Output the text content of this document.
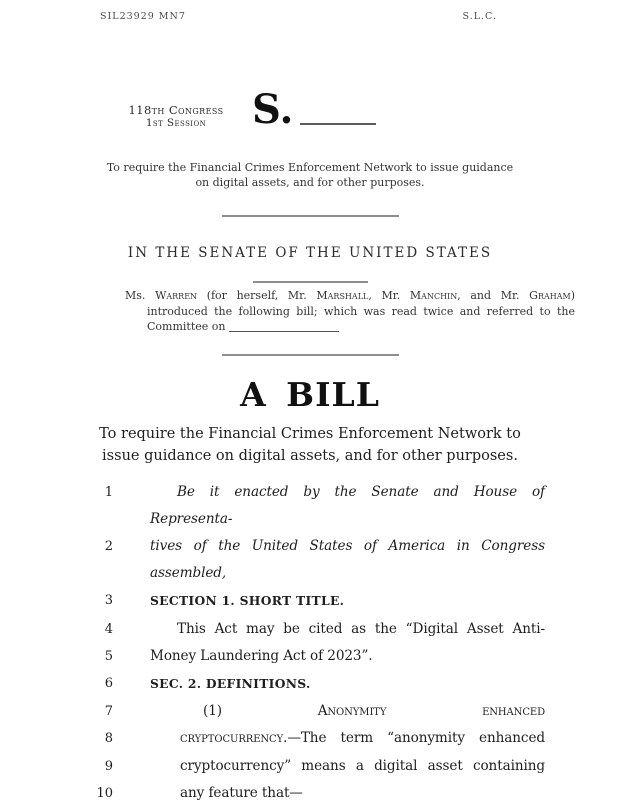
SIL23929 MN7	S.L.C.
118th Congress
1st Session	S.
To require the Financial Crimes Enforcement Network to issue guidance
on digital assets, and for other purposes.
IN THE SENATE OF THE UNITED STATES
Ms. Warren (for herself, Mr. Marshall, Mr. Manchin, and Mr. Graham) introduced the following bill; which was read twice and referred to the Committee on
A BILL
To require the Financial Crimes Enforcement Network to
issue guidance on digital assets, and for other purposes.
1	Be it enacted by the Senate and House of Representa-
2	tives of the United States of America in Congress assembled,
3	SECTION 1. SHORT TITLE.
4	This Act may be cited as the “Digital Asset Anti-
5	Money Laundering Act of 2023”.
6	SEC. 2. DEFINITIONS.
7	(1) Anonymity enhanced
8	cryptocurrency.—The term “anonymity enhanced
9	cryptocurrency” means a digital asset containing
10	any feature that—
